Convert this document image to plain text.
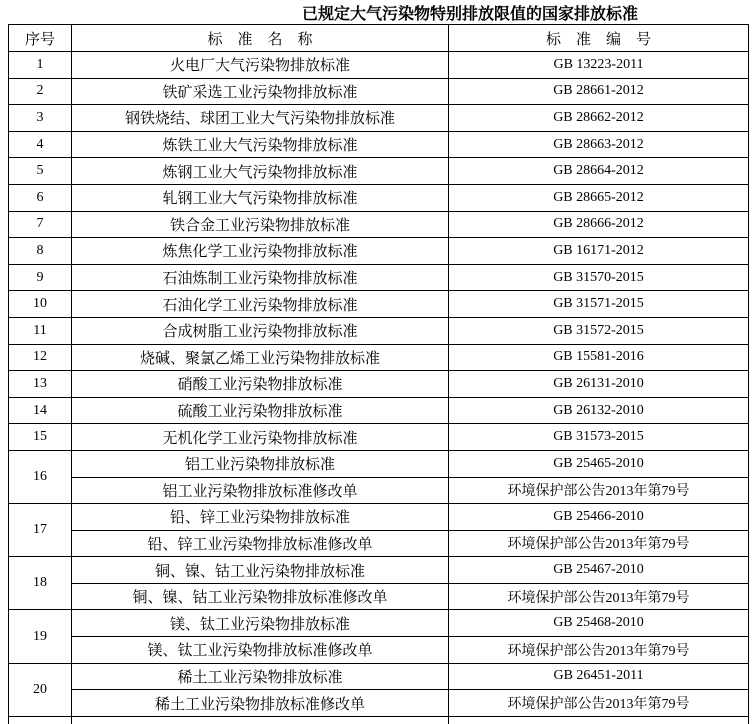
已规定大气污染物特别排放限值的国家排放标准
序号	标　准　名　称	标　准　编　号
1	火电厂大气污染物排放标准	GB 13223-2011
2	铁矿采选工业污染物排放标准	GB 28661-2012
3	钢铁烧结、球团工业大气污染物排放标准	GB 28662-2012
4	炼铁工业大气污染物排放标准	GB 28663-2012
5	炼钢工业大气污染物排放标准	GB 28664-2012
6	轧钢工业大气污染物排放标准	GB 28665-2012
7	铁合金工业污染物排放标准	GB 28666-2012
8	炼焦化学工业污染物排放标准	GB 16171-2012
9	石油炼制工业污染物排放标准	GB 31570-2015
10	石油化学工业污染物排放标准	GB 31571-2015
11	合成树脂工业污染物排放标准	GB 31572-2015
12	烧碱、聚氯乙烯工业污染物排放标准	GB 15581-2016
13	硝酸工业污染物排放标准	GB 26131-2010
14	硫酸工业污染物排放标准	GB 26132-2010
15	无机化学工业污染物排放标准	GB 31573-2015
16	铝工业污染物排放标准	GB 25465-2010
	铝工业污染物排放标准修改单	环境保护部公告2013年第79号
17	铅、锌工业污染物排放标准	GB 25466-2010
	铅、锌工业污染物排放标准修改单	环境保护部公告2013年第79号
18	铜、镍、钴工业污染物排放标准	GB 25467-2010
	铜、镍、钴工业污染物排放标准修改单	环境保护部公告2013年第79号
19	镁、钛工业污染物排放标准	GB 25468-2010
	镁、钛工业污染物排放标准修改单	环境保护部公告2013年第79号
20	稀土工业污染物排放标准	GB 26451-2011
	稀土工业污染物排放标准修改单	环境保护部公告2013年第79号
